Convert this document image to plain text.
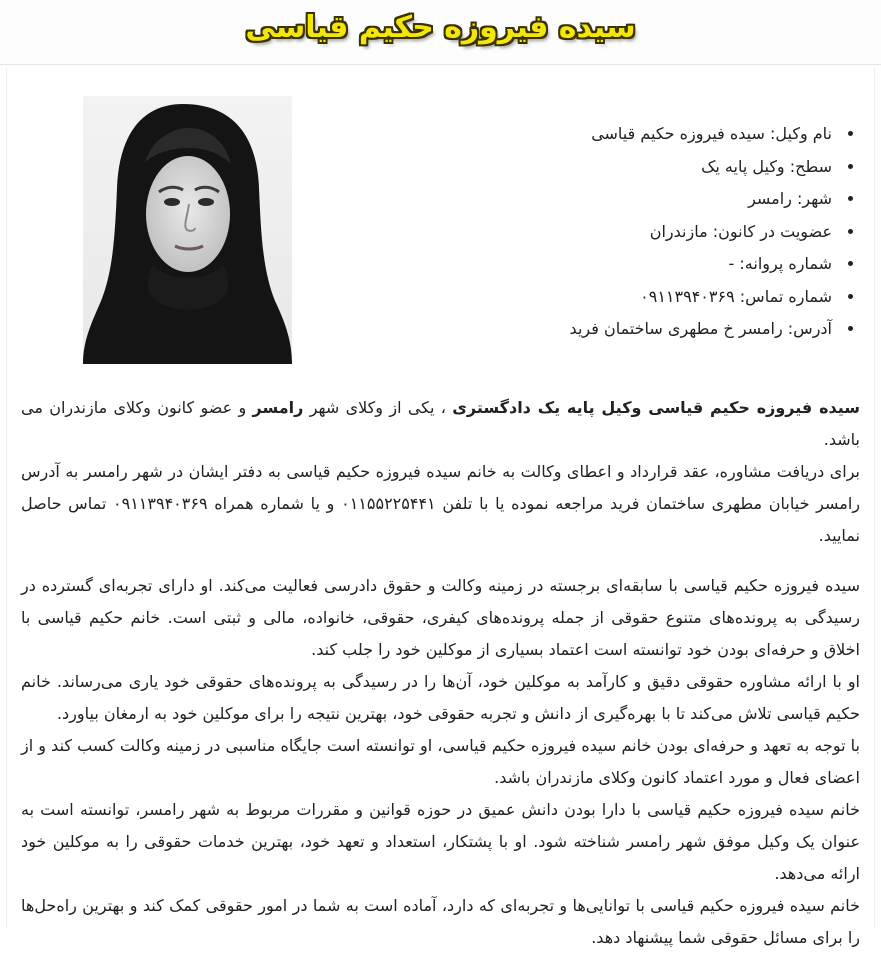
سیده فیروزه حکیم قیاسی
• نام وکیل: سیده فیروزه حکیم قیاسی
• سطح: وکیل پایه یک
• شهر: رامسر
• عضویت در کانون: مازندران
• شماره پروانه: -
• شماره تماس: ۰۹۱۱۳۹۴۰۳۶۹
• آدرس: رامسر خ مطهری ساختمان فرید

سیده فیروزه حکیم قیاسی وکیل پایه یک دادگستری ، یکی از وکلای شهر رامسر و عضو کانون وکلای مازندران می باشد.
برای دریافت مشاوره، عقد قرارداد و اعطای وکالت به خانم سیده فیروزه حکیم قیاسی به دفتر ایشان در شهر رامسر به آدرس رامسر خیابان مطهری ساختمان فرید مراجعه نموده یا با تلفن ۰۱۱۵۵۲۲۵۴۴۱ و یا شماره همراه ۰۹۱۱۳۹۴۰۳۶۹ تماس حاصل نمایید.

سیده فیروزه حکیم قیاسی با سابقه‌ای برجسته در زمینه وکالت و حقوق دادرسی فعالیت می‌کند. او دارای تجربه‌ای گسترده در رسیدگی به پرونده‌های متنوع حقوقی از جمله پرونده‌های کیفری، حقوقی، خانواده، مالی و ثبتی است. خانم حکیم قیاسی با اخلاق و حرفه‌ای بودن خود توانسته است اعتماد بسیاری از موکلین خود را جلب کند.

او با ارائه مشاوره حقوقی دقیق و کارآمد به موکلین خود، آن‌ها را در رسیدگی به پرونده‌های حقوقی خود یاری می‌رساند. خانم حکیم قیاسی تلاش می‌کند تا با بهره‌گیری از دانش و تجربه حقوقی خود، بهترین نتیجه را برای موکلین خود به ارمغان بیاورد.

با توجه به تعهد و حرفه‌ای بودن خانم سیده فیروزه حکیم قیاسی، او توانسته است جایگاه مناسبی در زمینه وکالت کسب کند و از اعضای فعال و مورد اعتماد کانون وکلای مازندران باشد.

خانم سیده فیروزه حکیم قیاسی با دارا بودن دانش عمیق در حوزه قوانین و مقررات مربوط به شهر رامسر، توانسته است به عنوان یک وکیل موفق شهر رامسر شناخته شود. او با پشتکار، استعداد و تعهد خود، بهترین خدمات حقوقی را به موکلین خود ارائه می‌دهد.

خانم سیده فیروزه حکیم قیاسی با توانایی‌ها و تجربه‌ای که دارد، آماده است به شما در امور حقوقی کمک کند و بهترین راه‌حل‌ها را برای مسائل حقوقی شما پیشنهاد دهد.
